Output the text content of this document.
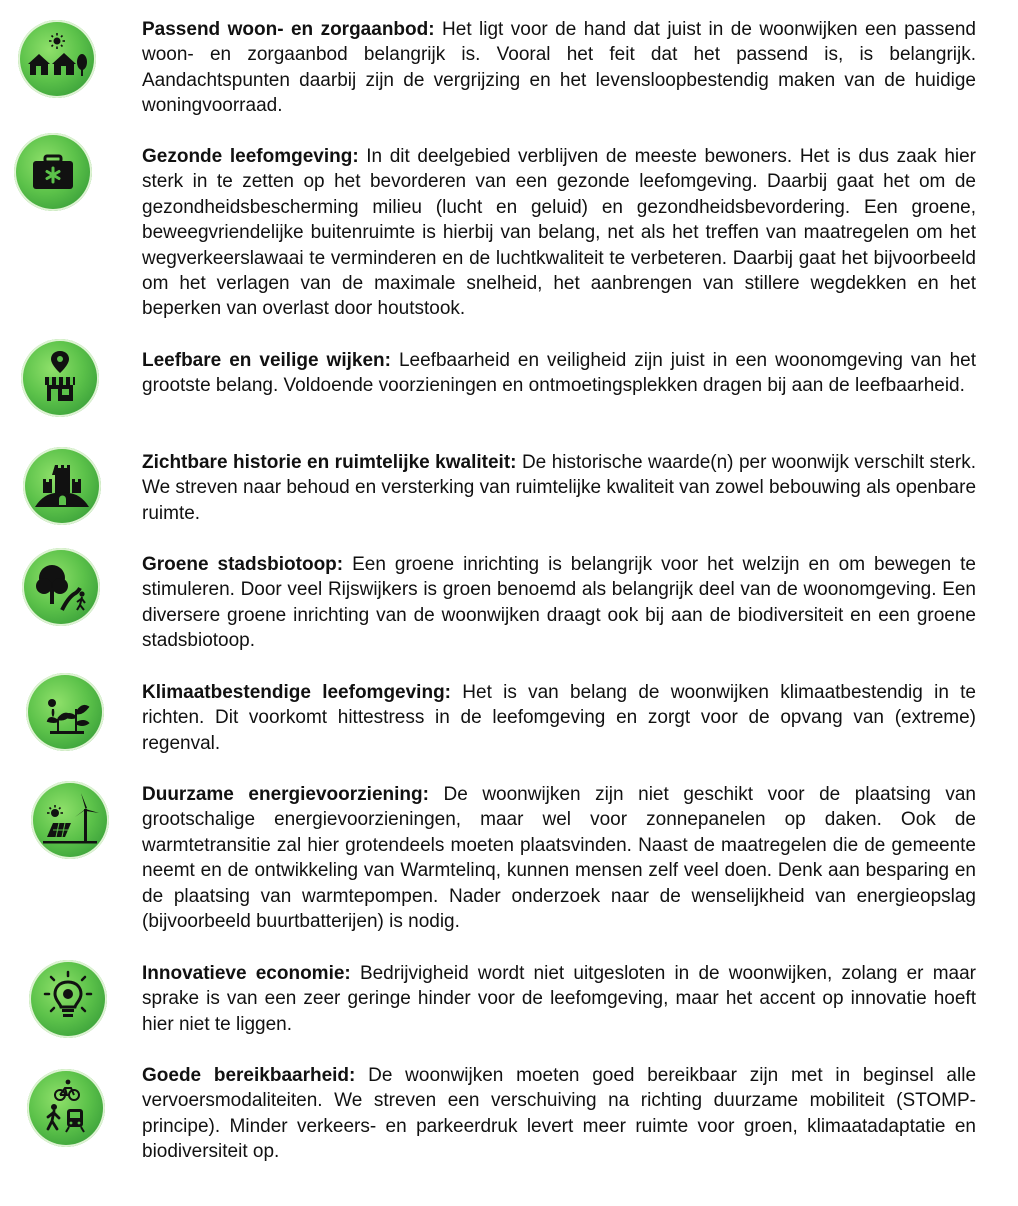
Passend woon- en zorgaanbod: Het ligt voor de hand dat juist in de woonwijken een passend woon- en zorgaanbod belangrijk is. Vooral het feit dat het passend is, is belangrijk. Aandachtspunten daarbij zijn de vergrijzing en het levensloopbestendig maken van de huidige woningvoorraad.
Gezonde leefomgeving: In dit deelgebied verblijven de meeste bewoners. Het is dus zaak hier sterk in te zetten op het bevorderen van een gezonde leefomgeving. Daarbij gaat het om de gezondheidsbescherming milieu (lucht en geluid) en gezondheidsbevordering. Een groene, beweegvriendelijke buitenruimte is hierbij van belang, net als het treffen van maatregelen om het wegverkeerslawaai te verminderen en de luchtkwaliteit te verbeteren. Daarbij gaat het bijvoorbeeld om het verlagen van de maximale snelheid, het aanbrengen van stillere wegdekken en het beperken van overlast door houtstook.
Leefbare en veilige wijken: Leefbaarheid en veiligheid zijn juist in een woonomgeving van het grootste belang. Voldoende voorzieningen en ontmoetingsplekken dragen bij aan de leefbaarheid.
Zichtbare historie en ruimtelijke kwaliteit: De historische waarde(n) per woonwijk verschilt sterk. We streven naar behoud en versterking van ruimtelijke kwaliteit van zowel bebouwing als openbare ruimte.
Groene stadsbiotoop: Een groene inrichting is belangrijk voor het welzijn en om bewegen te stimuleren. Door veel Rijswijkers is groen benoemd als belangrijk deel van de woonomgeving. Een diversere groene inrichting van de woonwijken draagt ook bij aan de biodiversiteit en een groene stadsbiotoop.
Klimaatbestendige leefomgeving: Het is van belang de woonwijken klimaatbestendig in te richten. Dit voorkomt hittestress in de leefomgeving en zorgt voor de opvang van (extreme) regenval.
Duurzame energievoorziening: De woonwijken zijn niet geschikt voor de plaatsing van grootschalige energievoorzieningen, maar wel voor zonnepanelen op daken. Ook de warmtetransitie zal hier grotendeels moeten plaatsvinden. Naast de maatregelen die de gemeente neemt en de ontwikkeling van Warmtelinq, kunnen mensen zelf veel doen. Denk aan besparing en de plaatsing van warmtepompen. Nader onderzoek naar de wenselijkheid van energieopslag (bijvoorbeeld buurtbatterijen) is nodig.
Innovatieve economie: Bedrijvigheid wordt niet uitgesloten in de woonwijken, zolang er maar sprake is van een zeer geringe hinder voor de leefomgeving, maar het accent op innovatie hoeft hier niet te liggen.
Goede bereikbaarheid: De woonwijken moeten goed bereikbaar zijn met in beginsel alle vervoersmodaliteiten. We streven een verschuiving na richting duurzame mobiliteit (STOMP-principe). Minder verkeers- en parkeerdruk levert meer ruimte voor groen, klimaatadaptatie en biodiversiteit op.
